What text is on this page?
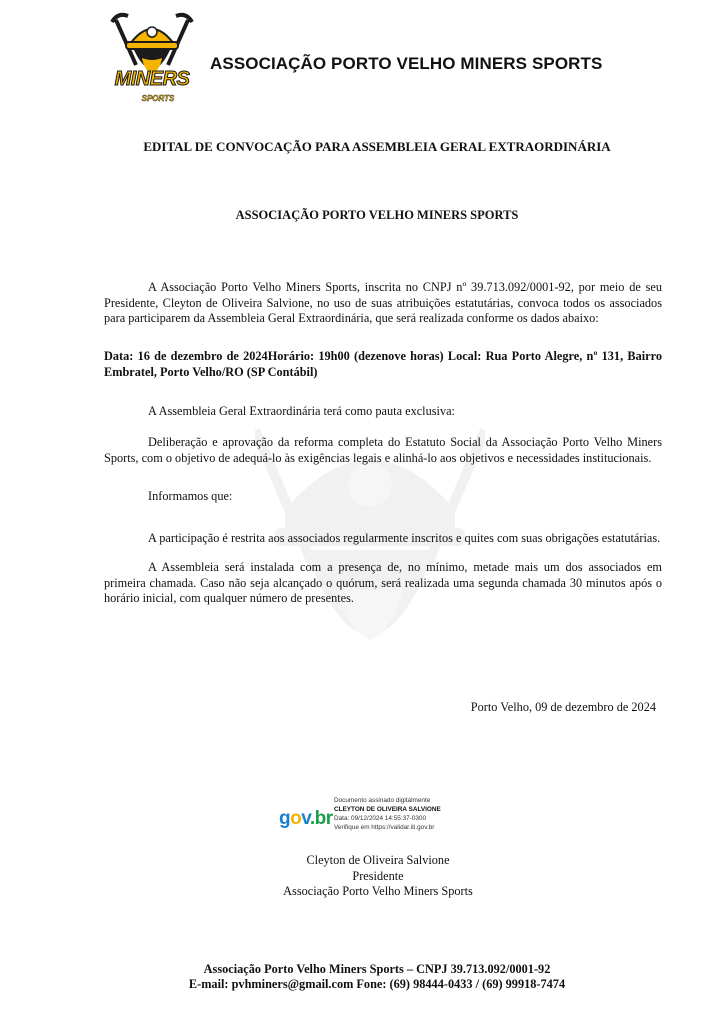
MINERS
SPORTS
ASSOCIAÇÃO PORTO VELHO MINERS SPORTS
EDITAL DE CONVOCAÇÃO PARA ASSEMBLEIA GERAL EXTRAORDINÁRIA
ASSOCIAÇÃO PORTO VELHO MINERS SPORTS
A Associação Porto Velho Miners Sports, inscrita no CNPJ nº 39.713.092/0001-92, por meio de seu Presidente, Cleyton de Oliveira Salvione, no uso de suas atribuições estatutárias, convoca todos os associados para participarem da Assembleia Geral Extraordinária, que será realizada conforme os dados abaixo:
Data: 16 de dezembro de 2024Horário: 19h00 (dezenove horas) Local: Rua Porto Alegre, nº 131, Bairro Embratel, Porto Velho/RO (SP Contábil)
A Assembleia Geral Extraordinária terá como pauta exclusiva:
Deliberação e aprovação da reforma completa do Estatuto Social da Associação Porto Velho Miners Sports, com o objetivo de adequá-lo às exigências legais e alinhá-lo aos objetivos e necessidades institucionais.
Informamos que:
A participação é restrita aos associados regularmente inscritos e quites com suas obrigações estatutárias.
A Assembleia será instalada com a presença de, no mínimo, metade mais um dos associados em primeira chamada. Caso não seja alcançado o quórum, será realizada uma segunda chamada 30 minutos após o horário inicial, com qualquer número de presentes.
Porto Velho, 09 de dezembro de 2024
gov.br
Documento assinado digitalmente
CLEYTON DE OLIVEIRA SALVIONE
Data: 09/12/2024 14:55:37-0300
Verifique em https://validar.iti.gov.br
Cleyton de Oliveira Salvione
Presidente
Associação Porto Velho Miners Sports
Associação Porto Velho Miners Sports – CNPJ 39.713.092/0001-92
E-mail: pvhminers@gmail.com Fone: (69) 98444-0433 / (69) 99918-7474
